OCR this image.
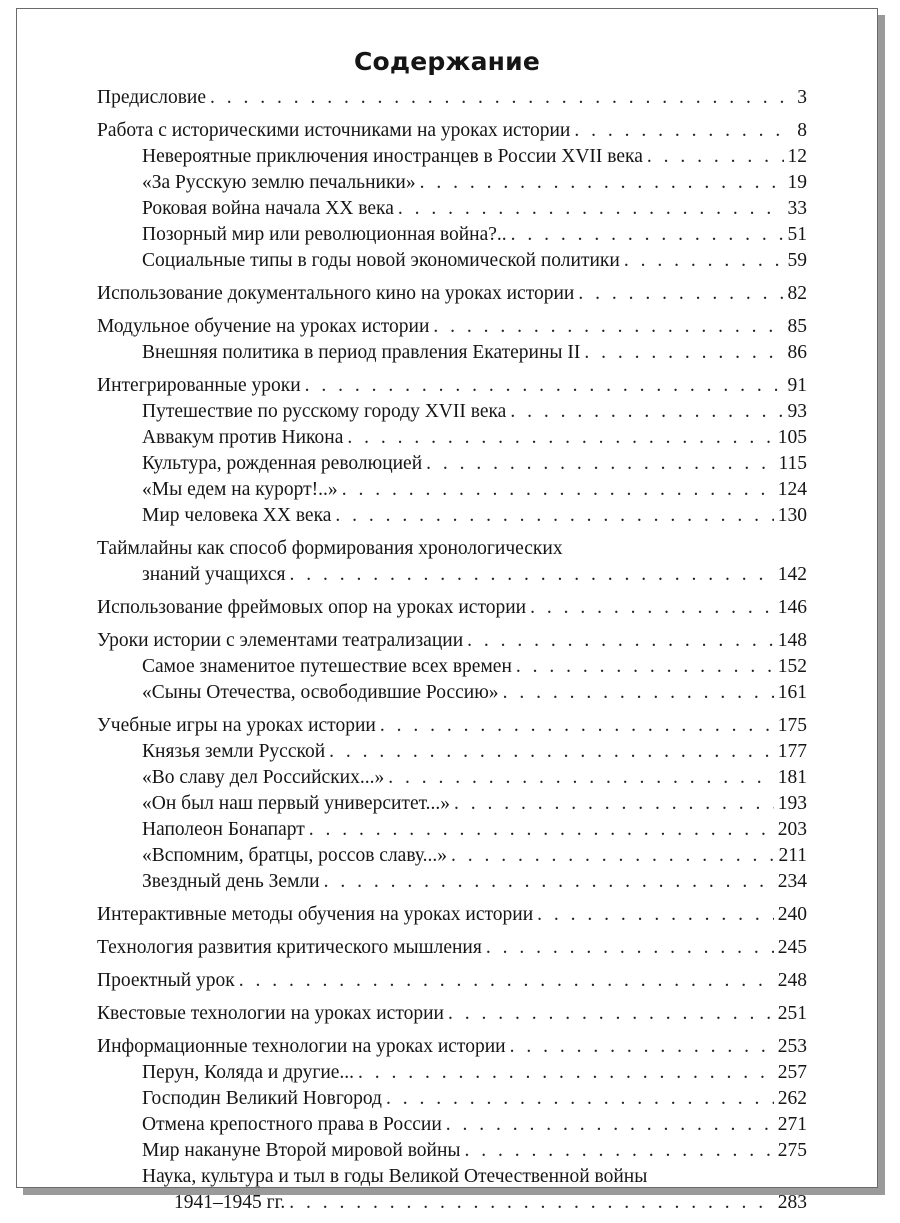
Содержание
Предисловие . . .	3
Работа с историческими источниками на уроках истории . . .	8
Невероятные приключения иностранцев в России XVII века . . .	12
«За Русскую землю печальники» . . .	19
Роковая война начала XX века . . .	33
Позорный мир или революционная война?.. . . .	51
Социальные типы в годы новой экономической политики . . .	59
Использование документального кино на уроках истории . . .	82
Модульное обучение на уроках истории . . .	85
Внешняя политика в период правления Екатерины II . . .	86
Интегрированные уроки . . .	91
Путешествие по русскому городу XVII века . . .	93
Аввакум против Никона . . .	105
Культура, рожденная революцией . . .	115
«Мы едем на курорт!..» . . .	124
Мир человека XX века . . .	130
Таймлайны как способ формирования хронологических
знаний учащихся . . .	142
Использование фреймовых опор на уроках истории . . .	146
Уроки истории с элементами театрализации . . .	148
Самое знаменитое путешествие всех времен . . .	152
«Сыны Отечества, освободившие Россию» . . .	161
Учебные игры на уроках истории . . .	175
Князья земли Русской . . .	177
«Во славу дел Российских...» . . .	181
«Он был наш первый университет...» . . .	193
Наполеон Бонапарт . . .	203
«Вспомним, братцы, россов славу...» . . .	211
Звездный день Земли . . .	234
Интерактивные методы обучения на уроках истории . . .	240
Технология развития критического мышления . . .	245
Проектный урок . . .	248
Квестовые технологии на уроках истории . . .	251
Информационные технологии на уроках истории . . .	253
Перун, Коляда и другие... . . .	257
Господин Великий Новгород . . .	262
Отмена крепостного права в России . . .	271
Мир накануне Второй мировой войны . . .	275
Наука, культура и тыл в годы Великой Отечественной войны
1941–1945 гг. . . .	283
